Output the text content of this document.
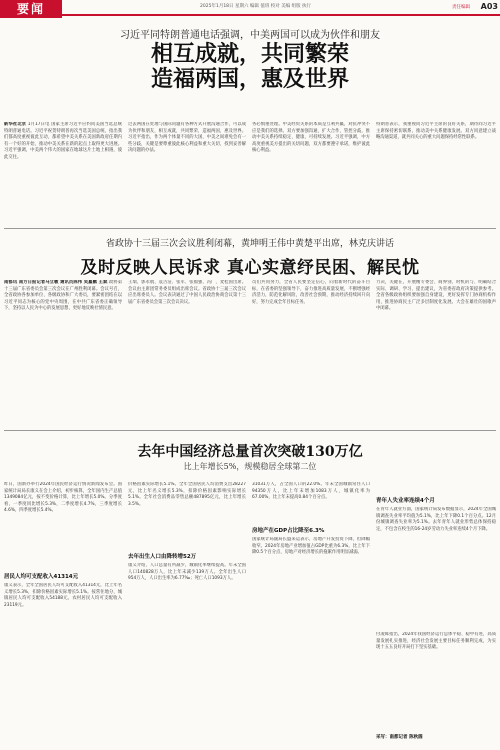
要闻	2025年1月18日 星期六 编辑 值班 校对 美编 组版 执行	责任编辑 A03
习近平同特朗普通电话强调，中美两国可以成为伙伴和朋友
相互成就，共同繁荣
造福两国，惠及世界
新华社北京 1月17日电 国家主席习近平应约同美国当选总统特朗普通电话。习近平祝贺特朗普再次当选美国总统，指出我们都高度重视彼此互动，都希望中美关系在美国新政府任期内有一个好的开始，推动中美关系在新的起点上取得更大进展。习近平强调，中美两个伟大的国家在地球这片土地上相遇，彼此交往。
过去两国在处理与国际问题有各种方式开展沟通合作，可以成为伙伴和朋友，相互成就，共同繁荣，造福两国，惠及世界。习近平指出，作为两个体量不同的大国，中美之间难免会有一些分歧，关键是要尊重彼此核心利益和重大关切，找到妥善解决问题的办法。
务必慎重处理。中美经贸关系的本质是互利共赢，对抗冲突不应是我们的选择。双方要加强沟通，扩大合作，管控分歧，推动中美关系持续稳定、健康、可持续发展。习近平强调，中方高度重视美方提出的关切问题，双方都要遵守承诺，维护彼此核心利益。
特朗普表示，我重视同习近平主席的良好关系，期待同习近平主席保持密切联系，推动美中关系健康发展。双方同意建立战略沟通渠道，就共同关心的重大问题保持经常性联系。
省政协十三届三次会议胜利闭幕，黄坤明王伟中黄楚平出席，林克庆讲话
及时反映人民诉求 真心实意纾民困、解民忧
南都讯 南方日报记者马立敏 通讯员陈伟 吴嘉鹏 王斌 政协第十三届广东省委员会第三次会议在广州胜利闭幕。会议号召，全省政协各参加单位、各级政协和广大委员，要紧密团结在以习近平同志为核心的党中央周围，在中共广东省委正确领导下，坚持以人民为中心的发展思想，更好地反映社情民意。
王瑞、郭永航、袁古洁、张军、张福强、冯广、麦桂国出席。会议由主席团常务委员组成出席会议。省政协十三届三次会议应出席委员人。会议表决通过了中国人民政治协商会议第十三届广东省委员会第三次会议决议。
员们共同努力，全省人民要坚定信心，向着新时代的奋斗目标，在省委的坚强领导下，奋力推进高质量发展，不断增强经济活力，防范化解风险，改善社会预期，推动经济持续回升向好，努力完成全年目标任务。
力决，关键在，开展精专委会、商界别、时机的与、明确结合实际、调研、学习、提出建议，为省委省政府决策提供参考。全省各级政协组织要加强自身建设，更好发挥专门协商机构作用，推进协商民主广泛多层制度化发展。大会在雄壮的国歌声中闭幕。
去年中国经济总量首次突破130万亿
比上年增长5%，规模稳居全球第二位
昨日，国新办举行2024年国民经济运行情况新闻发布会。国家统计局局长康义在会上介绍，初步核算，全年国内生产总值1349084亿元，按不变价格计算，比上年增长5.0%。分季度看，一季度同比增长5.3%，二季度增长4.7%，三季度增长4.6%，四季度增长5.4%。
居民人均可支配收入41314元
康义表示，全年全国居民人均可支配收入41314元，比上年名义增长5.3%，扣除价格因素实际增长5.1%。按常住地分，城镇居民人均可支配收入54188元，农村居民人均可支配收入23119元。
价格因素实际增长5.1%。全年全国居民人均消费支出28227元，比上年名义增长5.3%，扣除价格因素影响实际增长5.1%。全年社会消费品零售总额487895亿元，比上年增长3.5%。
去年出生人口由降转增52万
康义介绍，人口总量有所减少，城镇化率继续提高。年末全国人口140828万人，比上年末减少139万人。全年出生人口954万人，人口出生率为6.77‰；死亡人口1093万人。
31031万人，占全国人口的22.0%。年末全国城镇常住人口94350万人，比上年末增加1083万人，城镇化率为67.00%，比上年末提高0.84个百分点。
房地产在GDP占比降至6.3%
国家统计局副局长盛来运表示，房地产开发投资下降，但降幅收窄。2024年房地产业增加值占GDP比重为6.3%，比上年下降0.5个百分点，房地产对经济增长的拖累作用明显减弱。
青年人失业率连续4个月
在青年人就业方面，国家统计局发布数据显示，2024年全国城镇调查失业率平均值为5.1%，比上年下降0.1个百分点。12月份城镇调查失业率为5.1%。去年青年人就业形势总体保持稳定，不包含在校生的16-24岁劳动力失业率连续4个月下降。
付凌晖指出，2024年我国经济运行总体平稳、稳中有进，高质量发展扎实推进，经济社会发展主要目标任务顺利完成，为实现十五五良好开局打下坚实基础。
采写：南都记者 陈秋圆
